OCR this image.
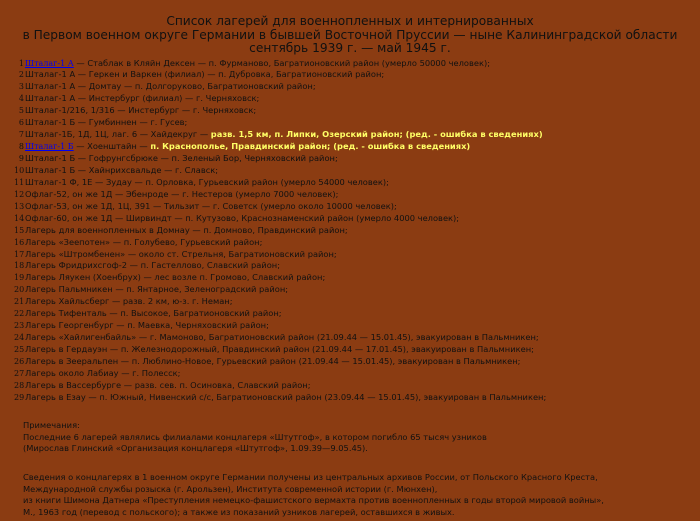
Список лагерей для военнопленных и интернированных
в Первом военном округе Германии в бывшей Восточной Пруссии — ныне Калининградской области
сентябрь 1939 г. — май 1945 г.
1 Шталаг-1 А — Стаблак в Кляйн Дексен — п. Фурманово, Багратионовский район (умерло 50000 человек);
2 Шталаг-1 А — Геркен и Варкен (филиал) — п. Дубровка, Багратионовский район;
3 Шталаг-1 А — Домтау — п. Долгоруково, Багратионовский район;
4 Шталаг-1 А — Инстербург (филиал) — г. Черняховск;
5 Шталаг-1/216, 1/316 — Инстербург — г. Черняховск;
6 Шталаг-1 Б — Гумбиннен — г. Гусев;
7 Шталаг-1Б, 1Д, 1Ц, лаг. 6 — Хайдекруг — разв. 1,5 км, п. Липки, Озерский район; (ред. - ошибка в сведениях)
8 Шталаг-1 Б — Хоенштайн — п. Краснополье, Правдинский район; (ред. - ошибка в сведениях)
9 Шталаг-1 Б — Гофрунгсбрюке — п. Зеленый Бор, Черняховский район;
10 Шталаг-1 Б — Хайнрихсвальде — г. Славск;
11 Шталаг-1 Ф, 1Е — Зудау — п. Орловка, Гурьевский район (умерло 54000 человек);
12 Офлаг-52, он же 1Д — Эбенроде — г. Нестеров (умерло 7000 человек);
13 Офлаг-53, он же 1Д, 1Ц, 391 — Тильзит — г. Советск (умерло около 10000 человек);
14 Офлаг-60, он же 1Д — Ширвиндт — п. Кутузово, Краснознаменский район (умерло 4000 человек);
15 Лагерь для военнопленных в Домнау — п. Домново, Правдинский район;
16 Лагерь «Зеепотен» — п. Голубево, Гурьевский район;
17 Лагерь «Штромбенен» — около ст. Стрельня, Багратионовский район;
18 Лагерь Фридрихсгоф-2 — п. Гастеллово, Славский район;
19 Лагерь Ляукен (Хоенбрух) — лес возле п. Громово, Славский район;
20 Лагерь Пальмникен — п. Янтарное, Зеленоградский район;
21 Лагерь Хайльсберг — разв. 2 км, ю-з. г. Неман;
22 Лагерь Тифенталь — п. Высокое, Багратионовский район;
23 Лагерь Георгенбург — п. Маевка, Черняховский район;
24 Лагерь «Хайлигенбайль» — г. Мамоново, Багратионовский район (21.09.44 — 15.01.45), эвакуирован в Пальмникен;
25 Лагерь в Гердауэн — п. Железнодорожный, Правдинский район (21.09.44 — 17.01.45), эвакуирован в Пальмникен;
26 Лагерь в Зееральпен — п. Люблино-Новое, Гурьевский район (21.09.44 — 15.01.45), эвакуирован в Пальмникен;
27 Лагерь около Лабиау — г. Полесск;
28 Лагерь в Вассербурге — разв. сев. п. Осиновка, Славский район;
29 Лагерь в Езау — п. Южный, Нивенский с/с, Багратионовский район (23.09.44 — 15.01.45), эвакуирован в Пальмникен;
Примечания:
Последние 6 лагерей являлись филиалами концлагеря «Штутгоф», в котором погибло 65 тысяч узников
(Мирослав Глинский «Организация концлагеря «Штутгоф», 1.09.39—9.05.45).
Сведения о концлагерях в 1 военном округе Германии получены из центральных архивов России, от Польского Красного Креста,
Международной службы розыска (г. Арользен), Института современной истории (г. Мюнхен),
из книги Шимона Датнера «Преступления немецко-фашистского вермахта против военнопленных в годы второй мировой войны»,
М., 1963 год (перевод с польского); а также из показаний узников лагерей, оставшихся в живых.
